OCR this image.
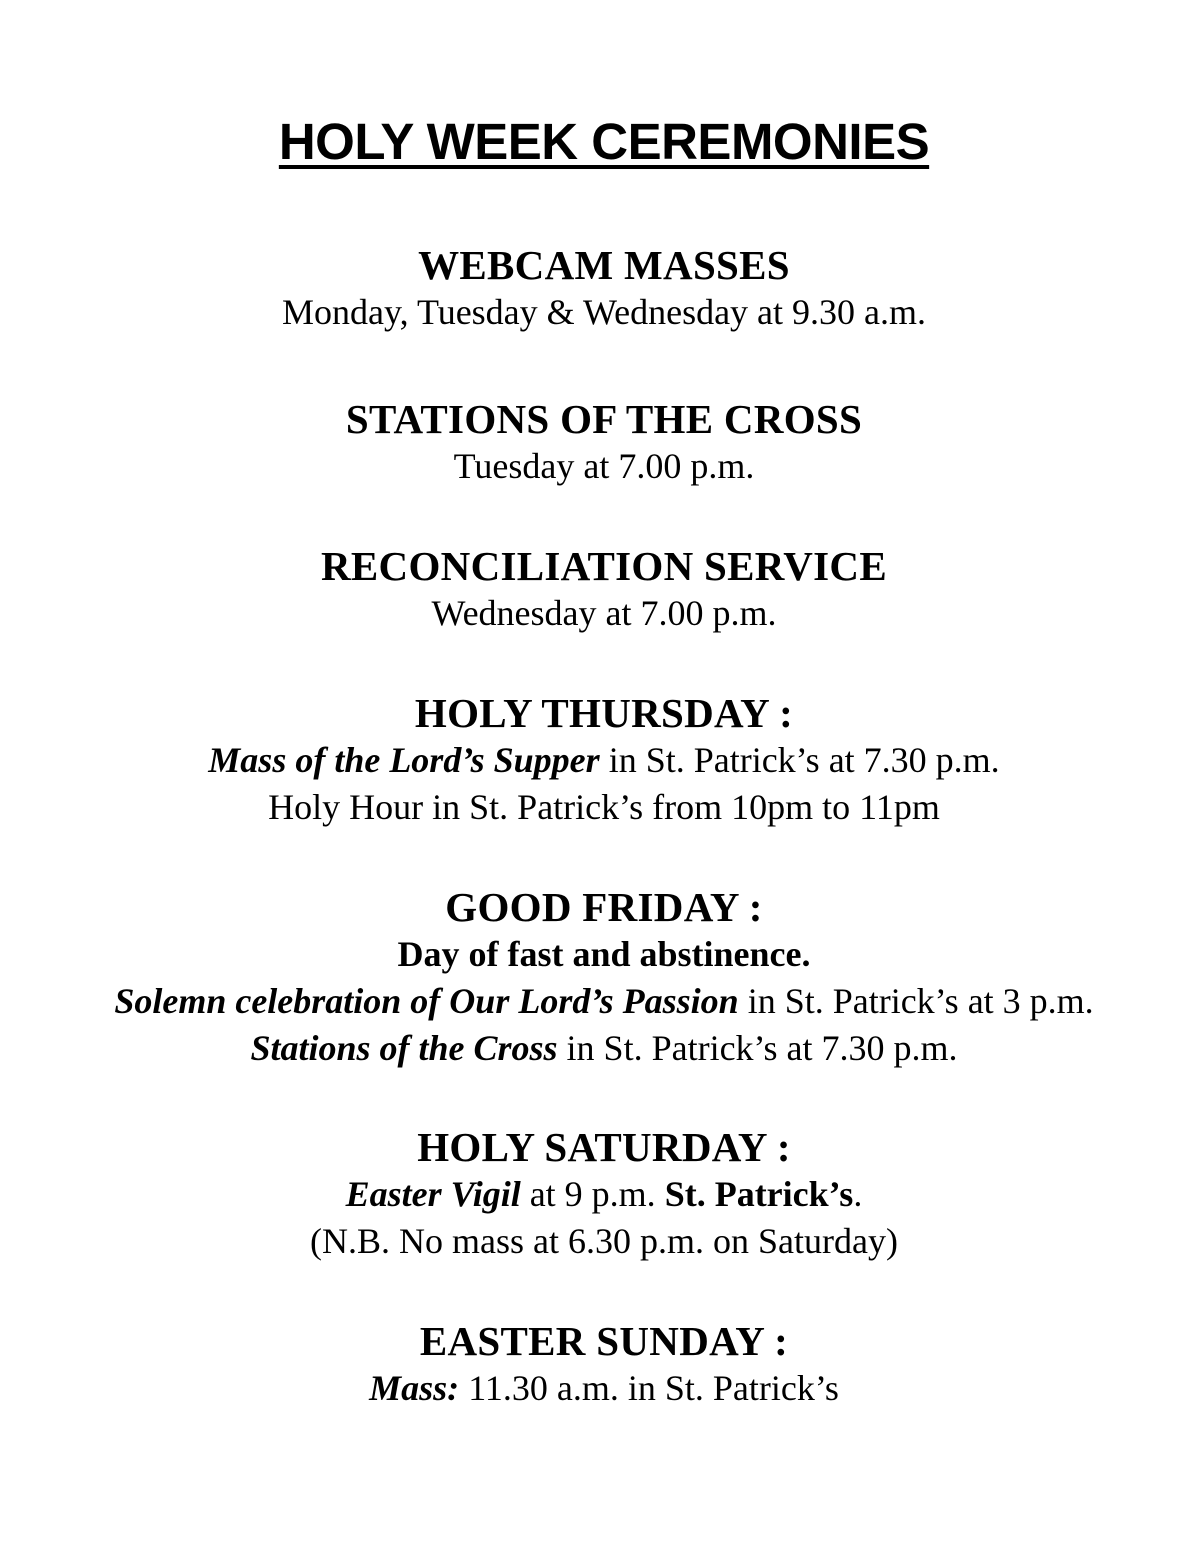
HOLY WEEK CEREMONIES

WEBCAM MASSES

Monday, Tuesday & Wednesday at 9.30 a.m.

STATIONS OF THE CROSS

Tuesday at 7.00 p.m.

RECONCILIATION SERVICE

Wednesday at 7.00 p.m.

HOLY THURSDAY :

Mass of the Lord’s Supper in St. Patrick’s at 7.30 p.m.

Holy Hour in St. Patrick’s from 10pm to 11pm

GOOD FRIDAY :

Day of fast and abstinence.

Solemn celebration of Our Lord’s Passion in St. Patrick’s at 3 p.m.

Stations of the Cross in St. Patrick’s at 7.30 p.m.

HOLY SATURDAY :

Easter Vigil at 9 p.m. St. Patrick’s.

(N.B. No mass at 6.30 p.m. on Saturday)

EASTER SUNDAY :

Mass: 11.30 a.m. in St. Patrick’s
